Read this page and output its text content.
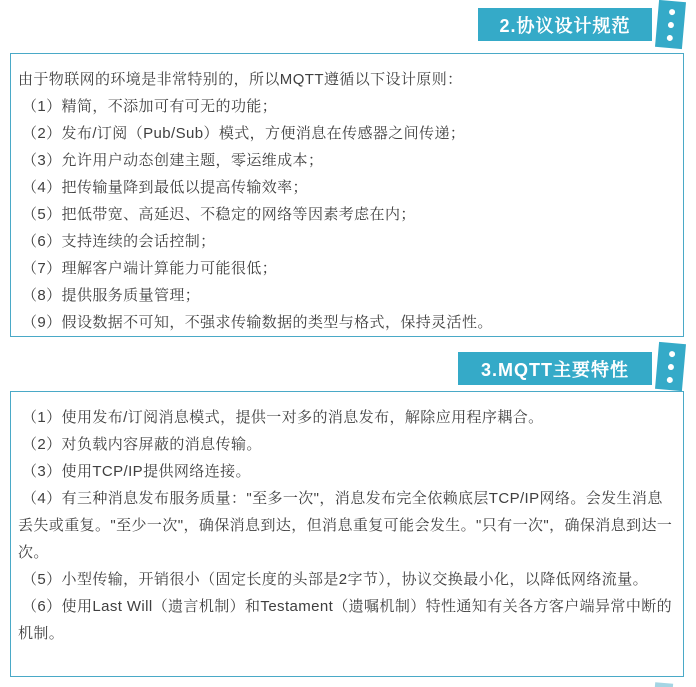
2.协议设计规范

由于物联网的环境是非常特别的，所以MQTT遵循以下设计原则：

（1）精简，不添加可有可无的功能；

（2）发布/订阅（Pub/Sub）模式，方便消息在传感器之间传递；

（3）允许用户动态创建主题，零运维成本；

（4）把传输量降到最低以提高传输效率；

（5）把低带宽、高延迟、不稳定的网络等因素考虑在内；

（6）支持连续的会话控制；

（7）理解客户端计算能力可能很低；

（8）提供服务质量管理；

（9）假设数据不可知，不强求传输数据的类型与格式，保持灵活性。

3.MQTT主要特性

（1）使用发布/订阅消息模式，提供一对多的消息发布，解除应用程序耦合。

（2）对负载内容屏蔽的消息传输。

（3）使用TCP/IP提供网络连接。

（4）有三种消息发布服务质量："至多一次"，消息发布完全依赖底层TCP/IP网络。会发生消息丢失或重复。"至少一次"，确保消息到达，但消息重复可能会发生。"只有一次"，确保消息到达一次。

（5）小型传输，开销很小（固定长度的头部是2字节），协议交换最小化，以降低网络流量。

（6）使用Last Will（遗言机制）和Testament（遗嘱机制）特性通知有关各方客户端异常中断的机制。
